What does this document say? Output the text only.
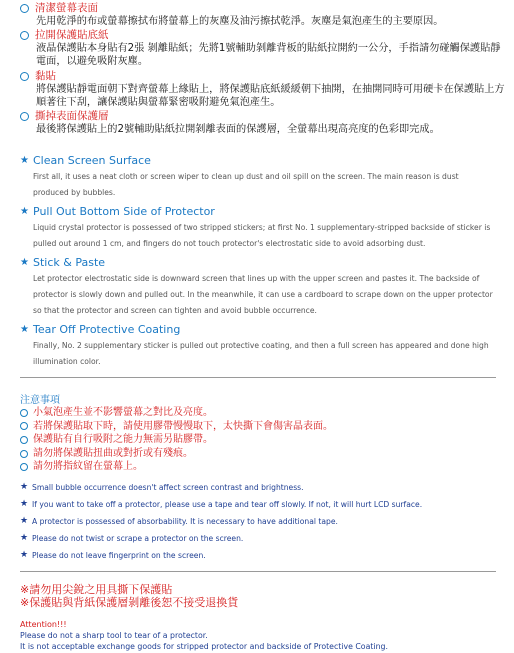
清潔螢幕表面
先用乾淨的布或螢幕擦拭布將螢幕上的灰塵及油污擦拭乾淨。灰塵是氣泡產生的主要原因。
拉開保護貼底紙
液晶保護貼本身貼有2張 剝離貼紙；先將1號輔助剝離背板的貼紙拉開約一公分，手指請勿碰觸保護貼靜電面，以避免吸附灰塵。
黏貼
將保護貼靜電面朝下對齊螢幕上緣貼上，將保護貼底紙緩緩朝下抽開，在抽開同時可用硬卡在保護貼上方順著往下刮，讓保護貼與螢幕緊密吸附避免氣泡產生。
撕掉表面保護層
最後將保護貼上的2號輔助貼紙拉開剝離表面的保護層，全螢幕出現高亮度的色彩即完成。
★ Clean Screen Surface
First all, it uses a neat cloth or screen wiper to clean up dust and oil spill on the screen. The main reason is dust produced by bubbles.
★ Pull Out Bottom Side of Protector
Liquid crystal protector is possessed of two stripped stickers; at first No. 1 supplementary-stripped backside of sticker is pulled out around 1 cm, and fingers do not touch protector's electrostatic side to avoid adsorbing dust.
★ Stick & Paste
Let protector electrostatic side is downward screen that lines up with the upper screen and pastes it. The backside of protector is slowly down and pulled out. In the meanwhile, it can use a cardboard to scrape down on the upper protector so that the protector and screen can tighten and avoid bubble occurrence.
★ Tear Off Protective Coating
Finally, No. 2 supplementary sticker is pulled out protective coating, and then a full screen has appeared and done high illumination color.
注意事項
小氣泡產生並不影響螢幕之對比及亮度。
若將保護貼取下時，請使用膠帶慢慢取下，太快撕下會傷害晶表面。
保護貼有自行吸附之能力無需另貼膠帶。
請勿將保護貼扭曲或對折或有殘痕。
請勿將指紋留在螢幕上。
★ Small bubble occurrence doesn't affect screen contrast and brightness.
★ If you want to take off a protector, please use a tape and tear off slowly. If not, it will hurt LCD surface.
★ A protector is possessed of absorbability. It is necessary to have additional tape.
★ Please do not twist or scrape a protector on the screen.
★ Please do not leave fingerprint on the screen.
※請勿用尖銳之用具撕下保護貼
※保護貼與背紙保護層剝離後恕不接受退換貨
Attention!!!
Please do not a sharp tool to tear of a protector.
It is not acceptable exchange goods for stripped protector and backside of Protective Coating.
